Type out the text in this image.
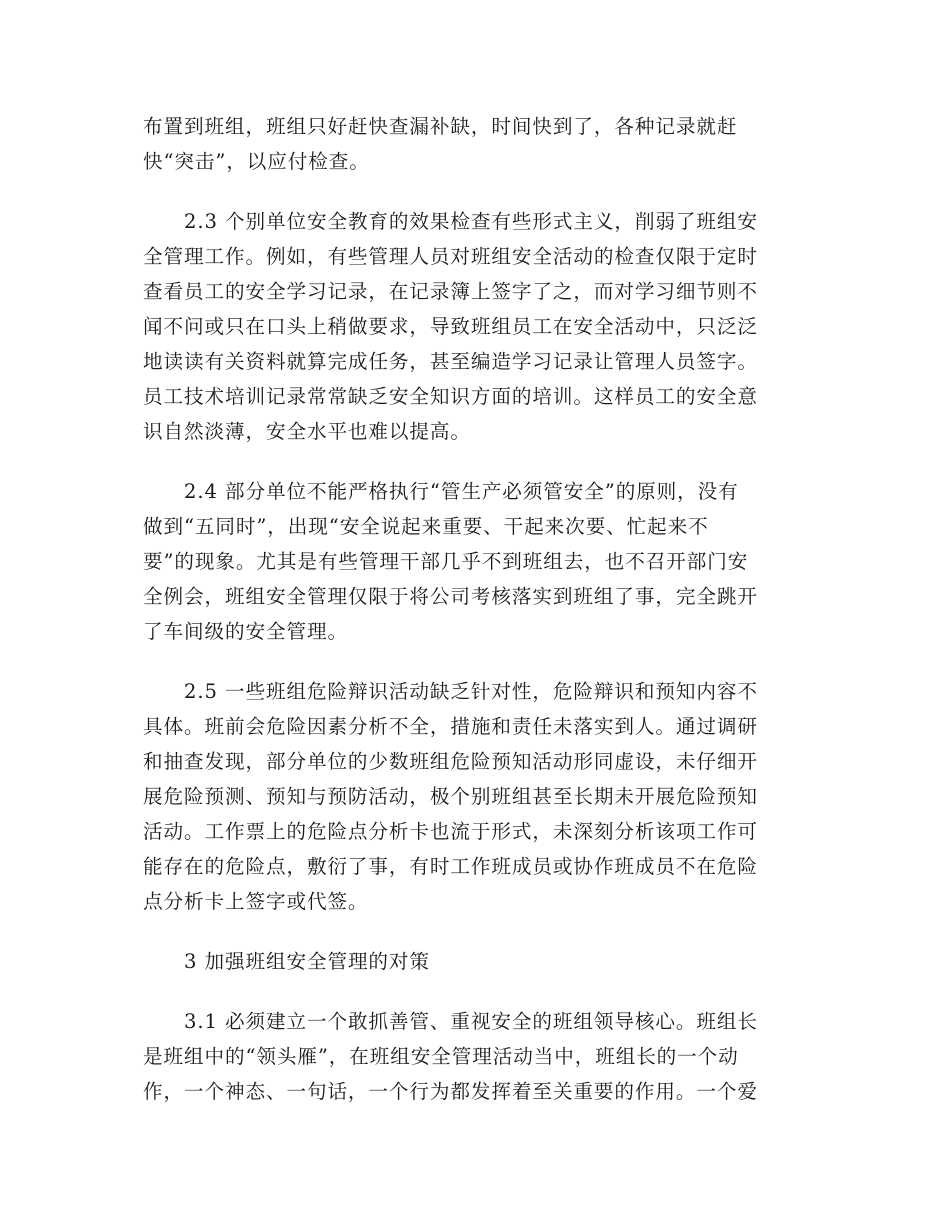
布置到班组，班组只好赶快查漏补缺，时间快到了，各种记录就赶
快“突击”，以应付检查。
　　2.3 个别单位安全教育的效果检查有些形式主义，削弱了班组安
全管理工作。例如，有些管理人员对班组安全活动的检查仅限于定时
查看员工的安全学习记录，在记录簿上签字了之，而对学习细节则不
闻不问或只在口头上稍做要求，导致班组员工在安全活动中，只泛泛
地读读有关资料就算完成任务，甚至编造学习记录让管理人员签字。
员工技术培训记录常常缺乏安全知识方面的培训。这样员工的安全意
识自然淡薄，安全水平也难以提高。
　　2.4 部分单位不能严格执行“管生产必须管安全”的原则，没有
做到“五同时”，出现“安全说起来重要、干起来次要、忙起来不
要”的现象。尤其是有些管理干部几乎不到班组去，也不召开部门安
全例会，班组安全管理仅限于将公司考核落实到班组了事，完全跳开
了车间级的安全管理。
　　2.5 一些班组危险辩识活动缺乏针对性，危险辩识和预知内容不
具体。班前会危险因素分析不全，措施和责任未落实到人。通过调研
和抽查发现，部分单位的少数班组危险预知活动形同虚设，未仔细开
展危险预测、预知与预防活动，极个别班组甚至长期未开展危险预知
活动。工作票上的危险点分析卡也流于形式，未深刻分析该项工作可
能存在的危险点，敷衍了事，有时工作班成员或协作班成员不在危险
点分析卡上签字或代签。
　　3 加强班组安全管理的对策
　　3.1 必须建立一个敢抓善管、重视安全的班组领导核心。班组长
是班组中的“领头雁”，在班组安全管理活动当中，班组长的一个动
作，一个神态、一句话，一个行为都发挥着至关重要的作用。一个爱
